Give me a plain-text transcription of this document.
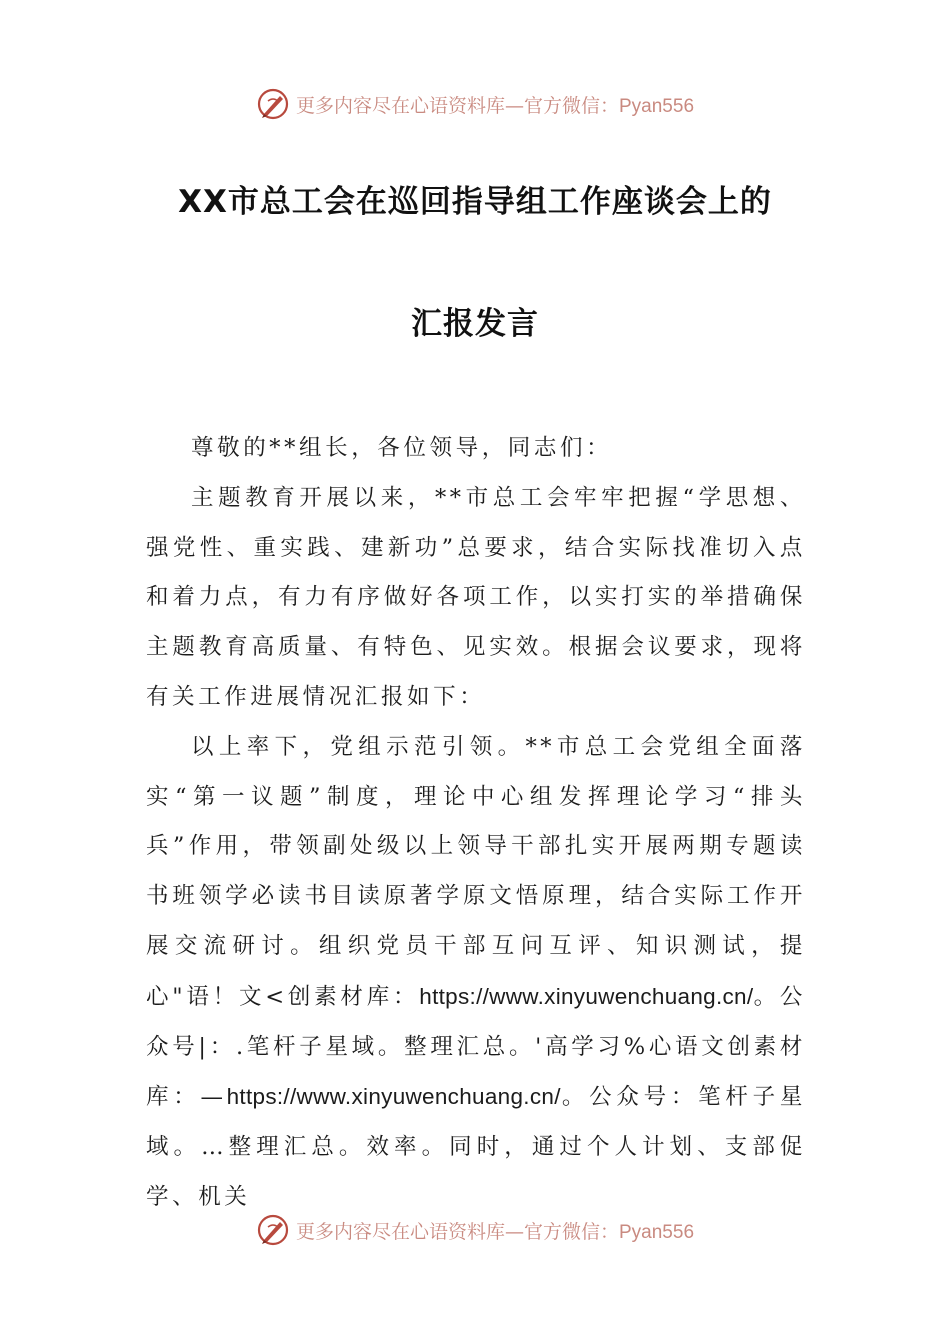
更多内容尽在心语资料库—官方微信：Pyan556
XX市总工会在巡回指导组工作座谈会上的
汇报发言

尊敬的**组长，各位领导，同志们：

主题教育开展以来，**市总工会牢牢把握“学思想、强党性、重实践、建新功”总要求，结合实际找准切入点和着力点，有力有序做好各项工作，以实打实的举措确保主题教育高质量、有特色、见实效。根据会议要求，现将有关工作进展情况汇报如下：

以上率下，党组示范引领。**市总工会党组全面落实“第一议题”制度，理论中心组发挥理论学习“排头兵”作用，带领副处级以上领导干部扎实开展两期专题读书班领学必读书目读原著学原文悟原理，结合实际工作开展交流研讨。组织党员干部互问互评、知识测试，提心"语！文<创素材库：https://www.xinyuwenchuang.cn/。公众号|：.笔杆子星域。整理汇总。'高学习%心语文创素材库：—https://www.xinyuwenchuang.cn/。公众号：笔杆子星域。…整理汇总。效率。同时，通过个人计划、支部促学、机关

更多内容尽在心语资料库—官方微信：Pyan556
